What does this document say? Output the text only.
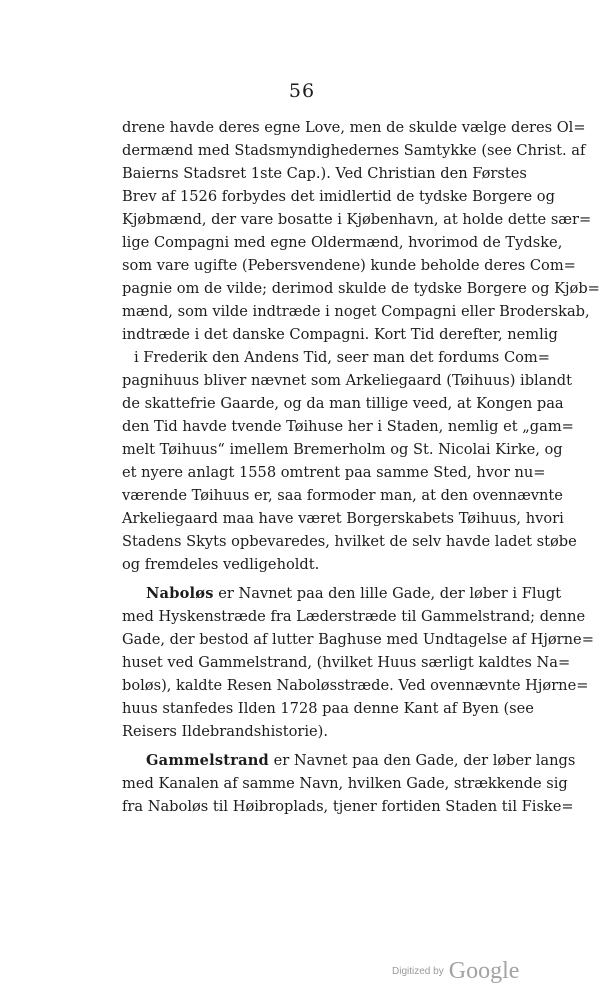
56
drene havde deres egne Love, men de skulde vælge deres Ol=
dermænd med Stadsmyndighedernes Samtykke (see Christ. af
Baierns Stadsret 1ste Cap.). Ved Christian den Førstes
Brev af 1526 forbydes det imidlertid de tydske Borgere og
Kjøbmænd, der vare bosatte i Kjøbenhavn, at holde dette sær=
lige Compagni med egne Oldermænd, hvorimod de Tydske,
som vare ugifte (Pebersvendene) kunde beholde deres Com=
pagnie om de vilde; derimod skulde de tydske Borgere og Kjøb=
mænd, som vilde indtræde i noget Compagni eller Broderskab,
indtræde i det danske Compagni. Kort Tid derefter, nemlig
i Frederik den Andens Tid, seer man det fordums Com=
pagnihuus bliver nævnet som Arkeliegaard (Tøihuus) iblandt
de skattefrie Gaarde, og da man tillige veed, at Kongen paa
den Tid havde tvende Tøihuse her i Staden, nemlig et „gam=
melt Tøihuus“ imellem Bremerholm og St. Nicolai Kirke, og
et nyere anlagt 1558 omtrent paa samme Sted, hvor nu=
værende Tøihuus er, saa formoder man, at den ovennævnte
Arkeliegaard maa have været Borgerskabets Tøihuus, hvori
Stadens Skyts opbevaredes, hvilket de selv havde ladet støbe
og fremdeles vedligeholdt.
Naboløs er Navnet paa den lille Gade, der løber i Flugt
med Hyskenstræde fra Læderstræde til Gammelstrand; denne
Gade, der bestod af lutter Baghuse med Undtagelse af Hjørne=
huset ved Gammelstrand, (hvilket Huus særligt kaldtes Na=
boløs), kaldte Resen Naboløsstræde. Ved ovennævnte Hjørne=
huus stanfedes Ilden 1728 paa denne Kant af Byen (see
Reisers Ildebrandshistorie).
Gammelstrand er Navnet paa den Gade, der løber langs
med Kanalen af samme Navn, hvilken Gade, strækkende sig
fra Naboløs til Høibroplads, tjener fortiden Staden til Fiske=
Digitized by Google
